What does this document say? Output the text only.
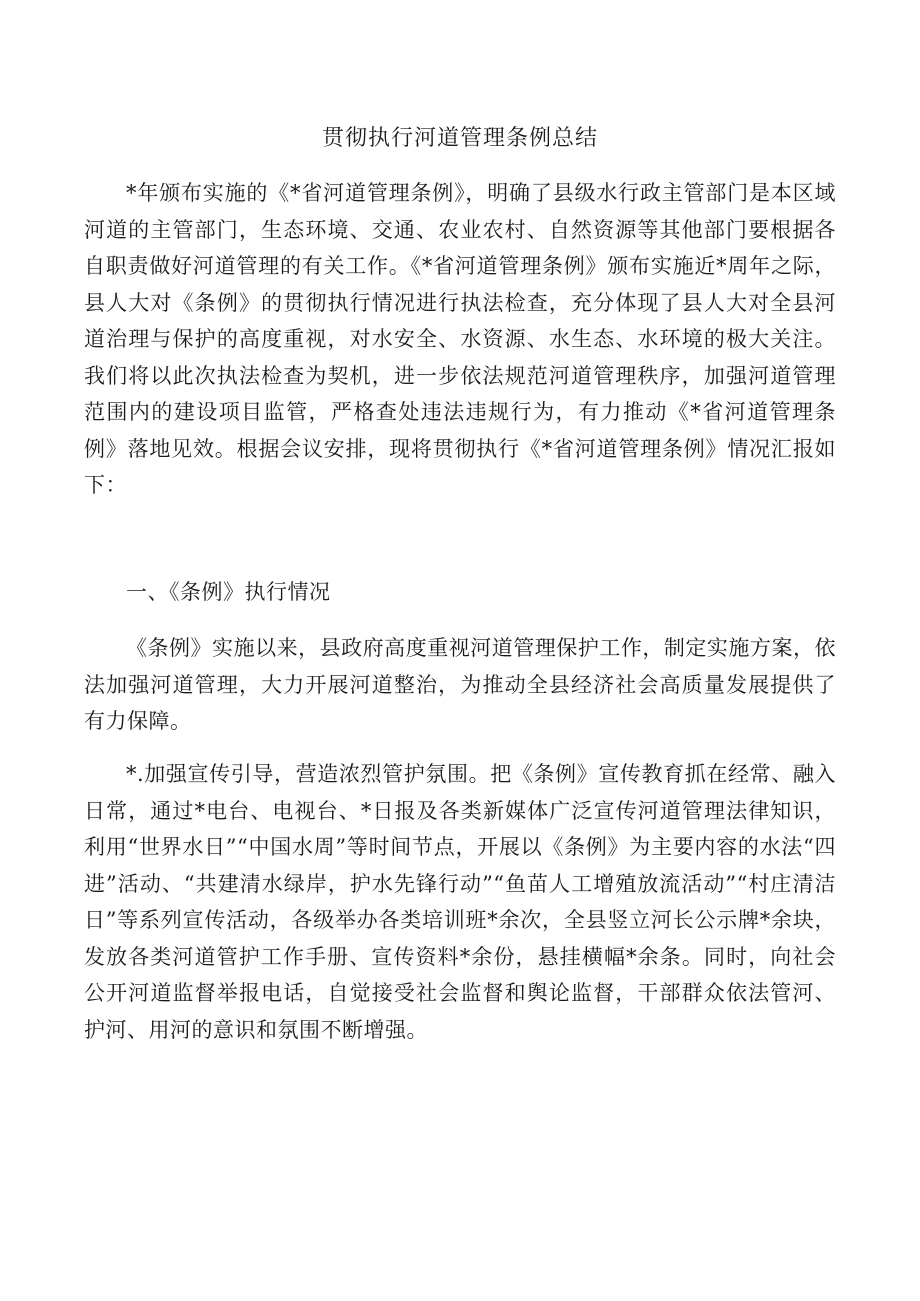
贯彻执行河道管理条例总结

*年颁布实施的《*省河道管理条例》，明确了县级水行政主管部门是本区域河道的主管部门，生态环境、交通、农业农村、自然资源等其他部门要根据各自职责做好河道管理的有关工作。《*省河道管理条例》颁布实施近*周年之际，县人大对《条例》的贯彻执行情况进行执法检查，充分体现了县人大对全县河道治理与保护的高度重视，对水安全、水资源、水生态、水环境的极大关注。我们将以此次执法检查为契机，进一步依法规范河道管理秩序，加强河道管理范围内的建设项目监管，严格查处违法违规行为，有力推动《*省河道管理条例》落地见效。根据会议安排，现将贯彻执行《*省河道管理条例》情况汇报如下：

一、《条例》执行情况

《条例》实施以来，县政府高度重视河道管理保护工作，制定实施方案，依法加强河道管理，大力开展河道整治，为推动全县经济社会高质量发展提供了有力保障。

*.加强宣传引导，营造浓烈管护氛围。把《条例》宣传教育抓在经常、融入日常，通过*电台、电视台、*日报及各类新媒体广泛宣传河道管理法律知识，利用“世界水日”“中国水周”等时间节点，开展以《条例》为主要内容的水法“四进”活动、“共建清水绿岸，护水先锋行动”“鱼苗人工增殖放流活动”“村庄清洁日”等系列宣传活动，各级举办各类培训班*余次，全县竖立河长公示牌*余块，发放各类河道管护工作手册、宣传资料*余份，悬挂横幅*余条。同时，向社会公开河道监督举报电话，自觉接受社会监督和舆论监督，干部群众依法管河、护河、用河的意识和氛围不断增强。
